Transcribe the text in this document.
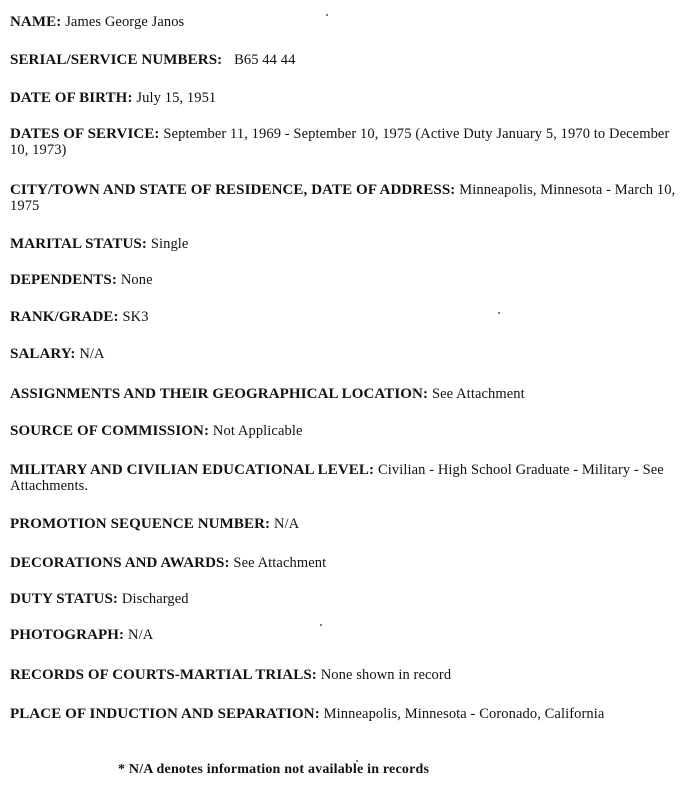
NAME: James George Janos
SERIAL/SERVICE NUMBERS: B65 44 44
DATE OF BIRTH: July 15, 1951
DATES OF SERVICE: September 11, 1969 - September 10, 1975 (Active Duty January 5, 1970 to December 10, 1973)
CITY/TOWN AND STATE OF RESIDENCE, DATE OF ADDRESS: Minneapolis, Minnesota - March 10, 1975
MARITAL STATUS: Single
DEPENDENTS: None
RANK/GRADE: SK3
SALARY: N/A
ASSIGNMENTS AND THEIR GEOGRAPHICAL LOCATION: See Attachment
SOURCE OF COMMISSION: Not Applicable
MILITARY AND CIVILIAN EDUCATIONAL LEVEL: Civilian - High School Graduate - Military - See Attachments.
PROMOTION SEQUENCE NUMBER: N/A
DECORATIONS AND AWARDS: See Attachment
DUTY STATUS: Discharged
PHOTOGRAPH: N/A
RECORDS OF COURTS-MARTIAL TRIALS: None shown in record
PLACE OF INDUCTION AND SEPARATION: Minneapolis, Minnesota - Coronado, California
* N/A denotes information not available in records
